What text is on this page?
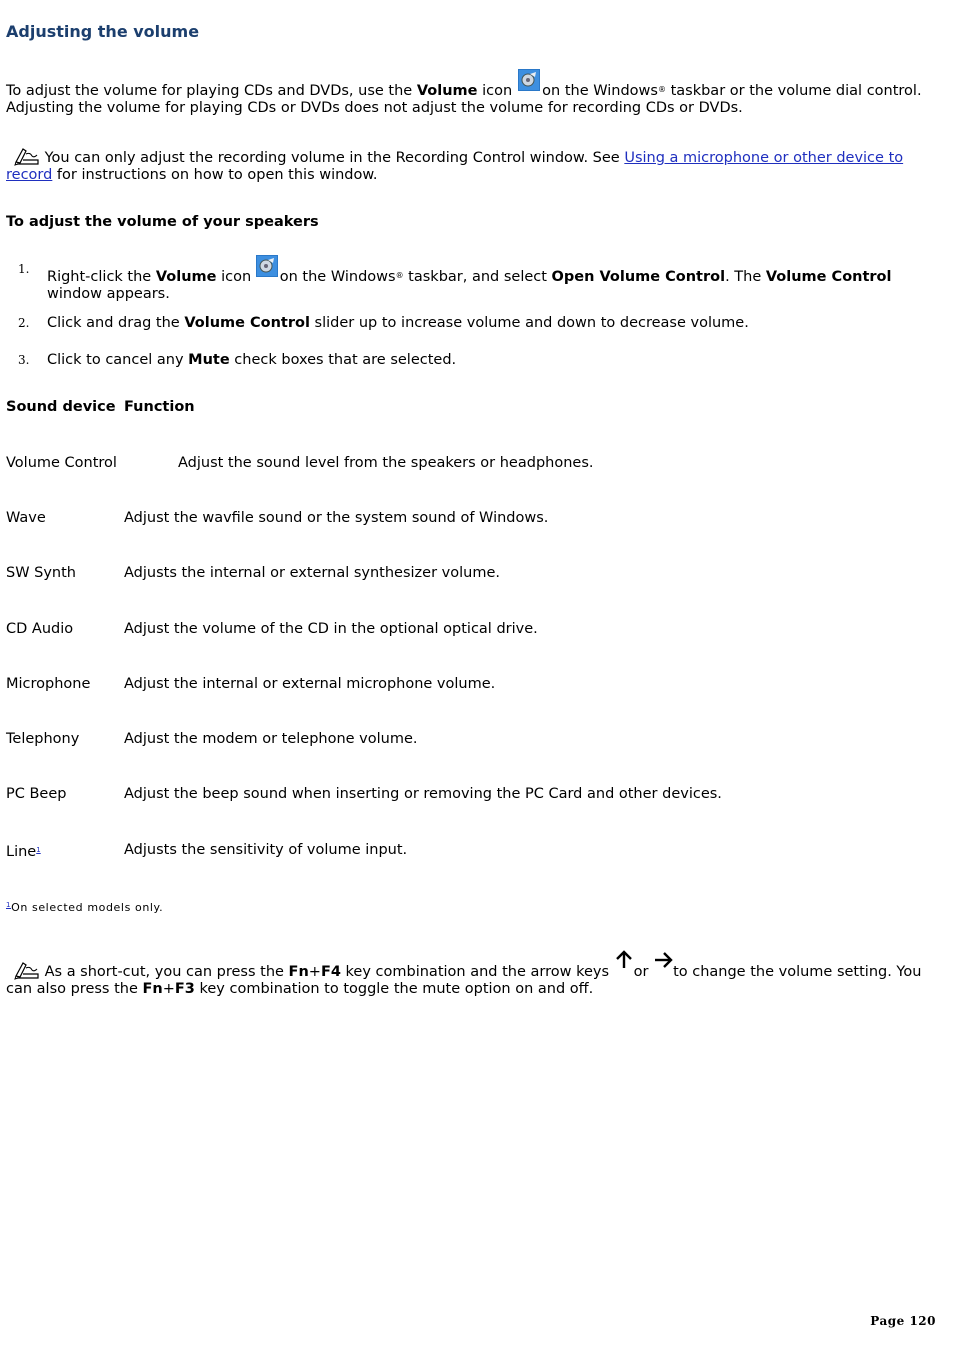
Adjusting the volume
To adjust the volume for playing CDs and DVDs, use the Volume icon on the Windows® taskbar or the volume dial control. Adjusting the volume for playing CDs or DVDs does not adjust the volume for recording CDs or DVDs.
You can only adjust the recording volume in the Recording Control window. See Using a microphone or other device to record for instructions on how to open this window.
To adjust the volume of your speakers
1. Right-click the Volume icon on the Windows® taskbar, and select Open Volume Control. The Volume Control
window appears.
2. Click and drag the Volume Control slider up to increase volume and down to decrease volume.
3. Click to cancel any Mute check boxes that are selected.
Sound device Function
Volume Control	Adjust the sound level from the speakers or headphones.
Wave	Adjust the wavfile sound or the system sound of Windows.
SW Synth	Adjusts the internal or external synthesizer volume.
CD Audio	Adjust the volume of the CD in the optional optical drive.
Microphone Adjust the internal or external microphone volume.
Telephony	Adjust the modem or telephone volume.
PC Beep	Adjust the beep sound when inserting or removing the PC Card and other devices.
Line$^1$	Adjusts the sensitivity of volume input.
$^1$On selected models only.
As a short-cut, you can press the Fn+F4 key combination and the arrow keys or to change the volume setting. You can also press the Fn+F3 key combination to toggle the mute option on and off.
Page 120
